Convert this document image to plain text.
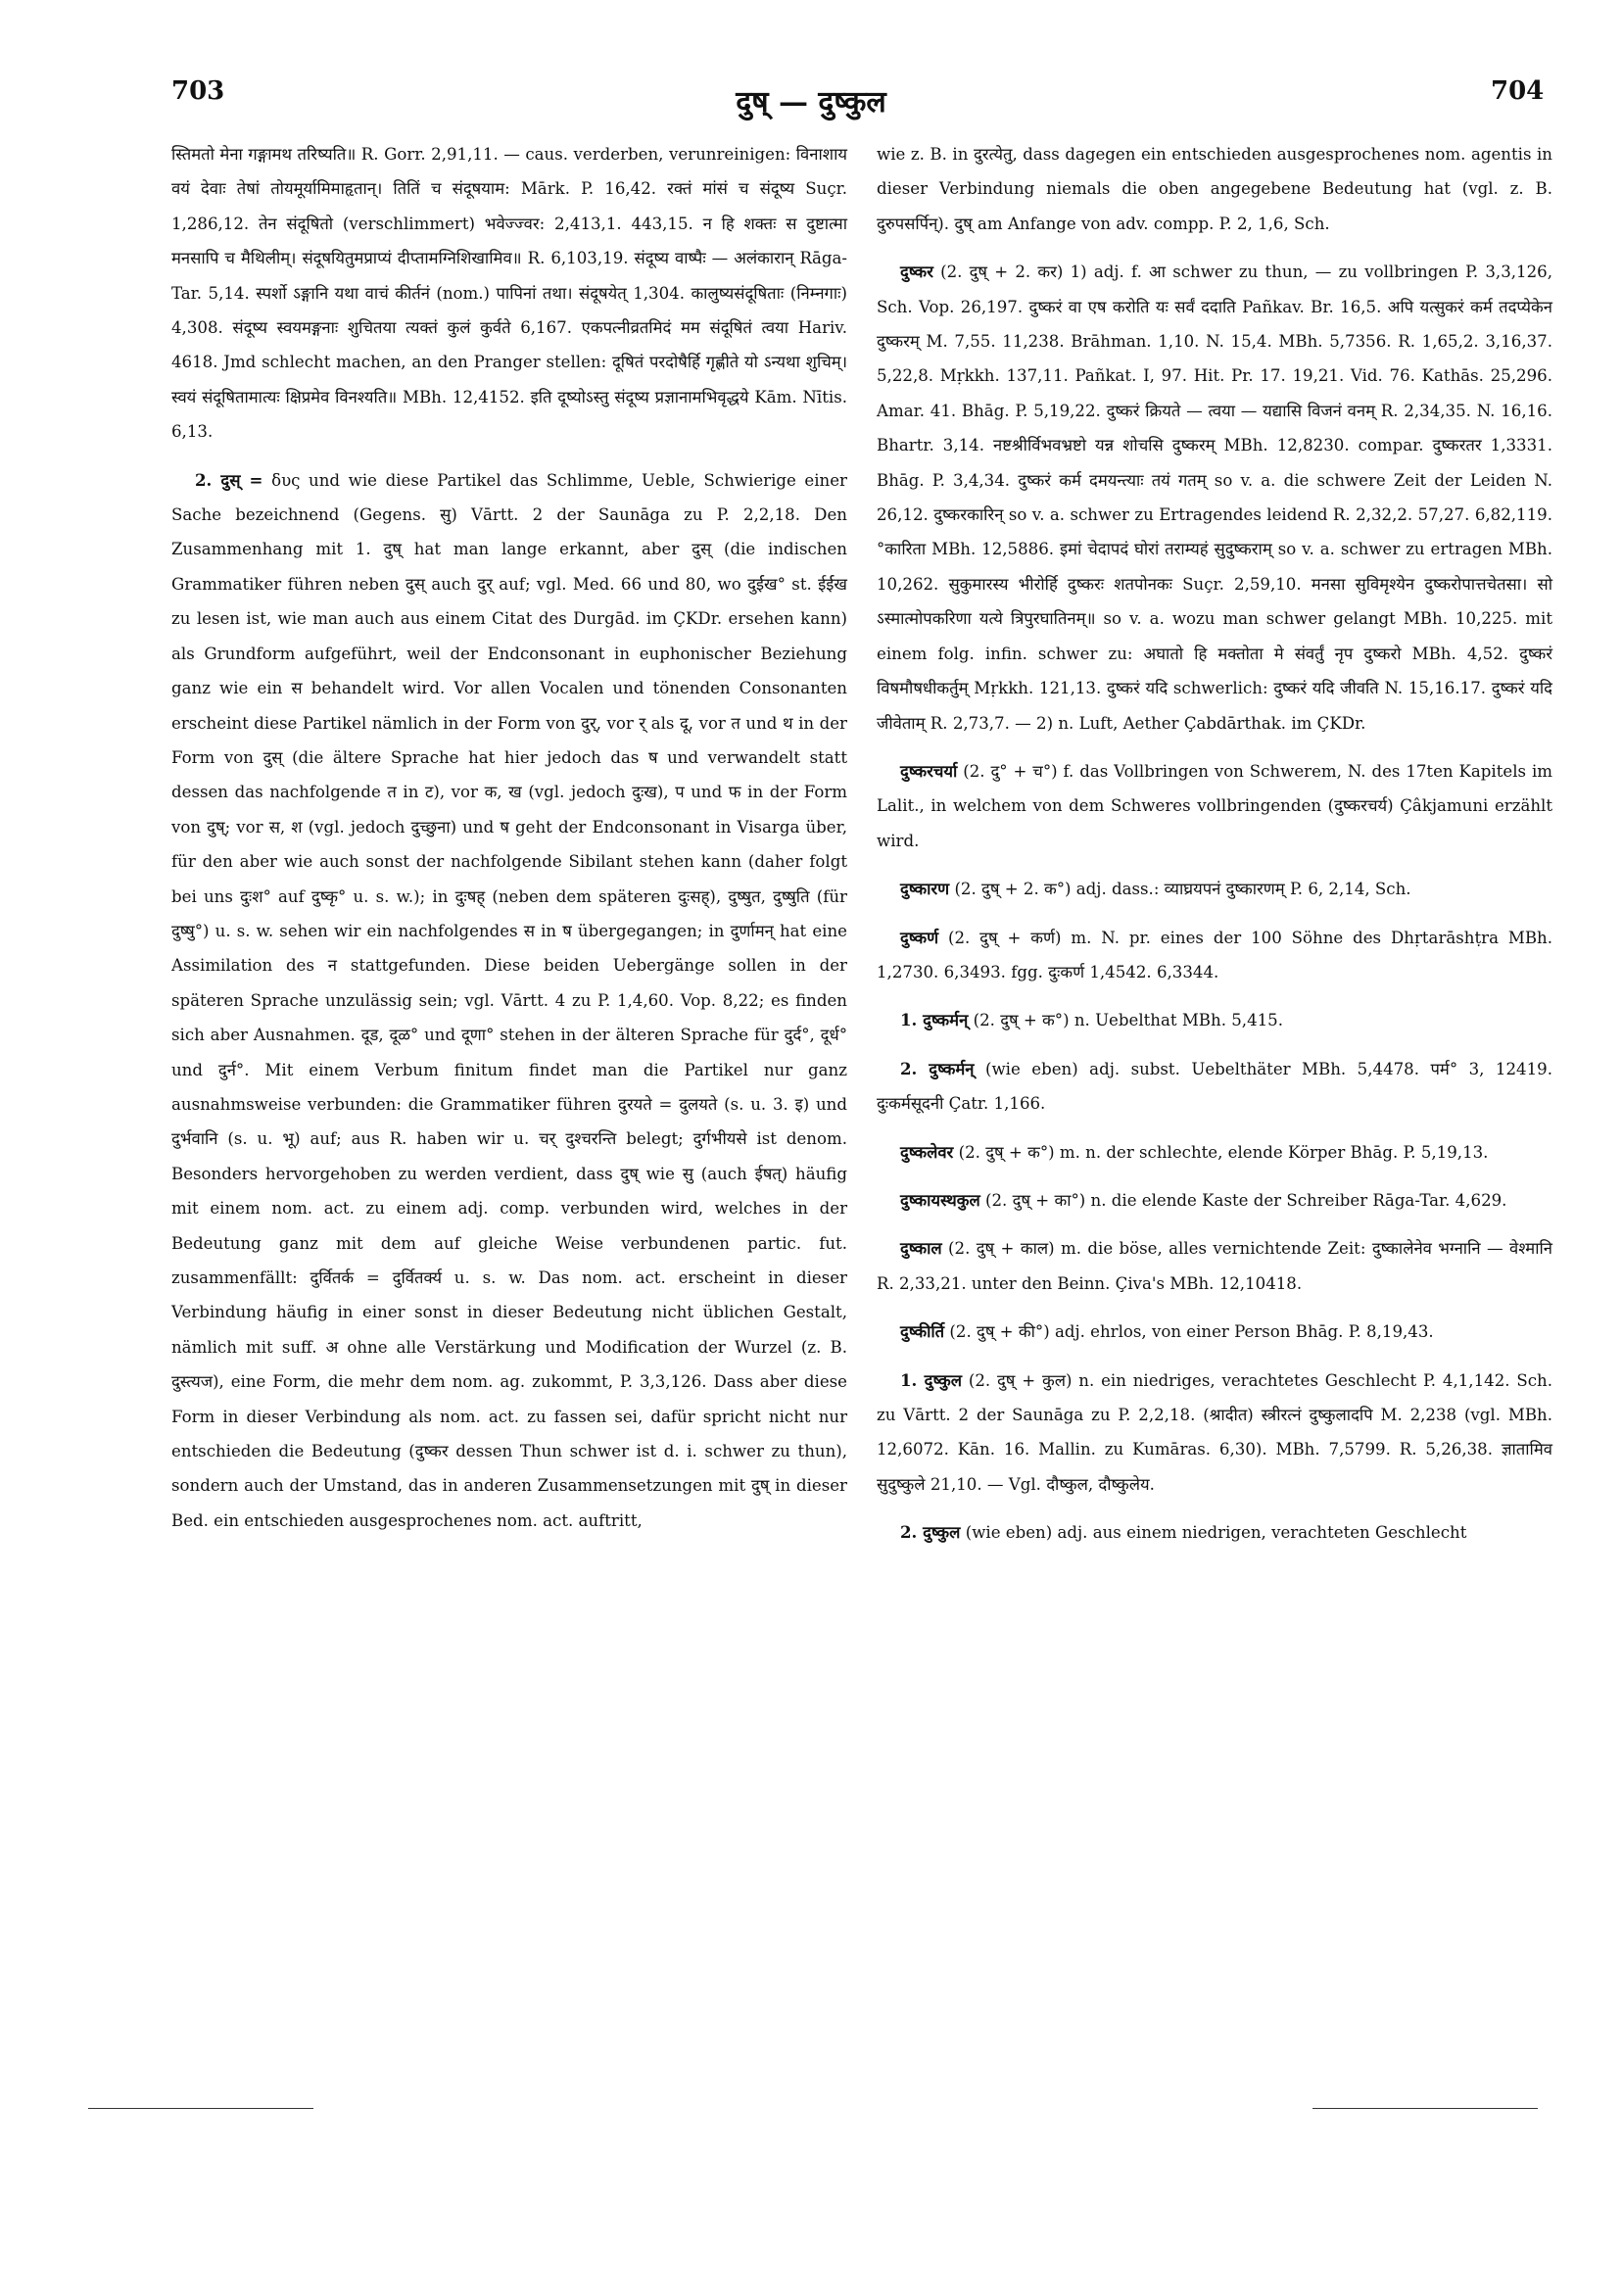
703	दुष् — दुष्कुल	704

स्तिमतो मेना गङ्गामथ तरिष्यति॥ R. Gorr. 2,91,11. — caus. verderben, verunreinigen: विनाशाय वयं देवाः तेषां तोयमूर्यामिमाहृतान्। तितिं च संदूषयाम: Mārk. P. 16,42. रक्तं मांसं च संदूष्य Suçr. 1,286,12. तेन संदूषितो (verschlimmert) भवेज्ज्वर: 2,413,1. 443,15. न हि शक्तः स दुष्टात्मा मनसापि च मैथिलीम्। संदूषयितुमप्राप्यं दीप्तामग्निशिखामिव॥ R. 6,103,19. संदूष्य वाष्पैः — अलंकारान् Rāga-Tar. 5,14. स्पर्शो ऽङ्गानि यथा वाचं कीर्तनं (nom.) पापिनां तथा। संदूषयेत् 1,304. कालुष्यसंदूषिताः (निम्नगाः) 4,308. संदूष्य स्वयमङ्गनाः शुचितया त्यक्तं कुलं कुर्वते 6,167. एकपत्नीव्रतमिदं मम संदूषितं त्वया Hariv. 4618. Jmd schlecht machen, an den Pranger stellen: दूषितं परदोषैर्हि गृह्णीते यो ऽन्यथा शुचिम्। स्वयं संदूषितामात्यः क्षिप्रमेव विनश्यति॥ MBh. 12,4152. इति दूष्योऽस्तु संदूष्य प्रज्ञानामभिवृद्धये Kām. Nītis. 6,13.

2. दुस् = δυς und wie diese Partikel das Schlimme, Ueble, Schwierige einer Sache bezeichnend (Gegens. सु) Vārtt. 2 der Saunāga zu P. 2,2,18. Den Zusammenhang mit 1. दुष् hat man lange erkannt, aber दुस् (die indischen Grammatiker führen neben दुस् auch दुर् auf; vgl. Med. 66 und 80, wo दुर्ईख° st. ईर्ईख zu lesen ist, wie man auch aus einem Citat des Durgād. im ÇKDr. ersehen kann) als Grundform aufgeführt, weil der Endconsonant in euphonischer Beziehung ganz wie ein स behandelt wird. Vor allen Vocalen und tönenden Consonanten erscheint diese Partikel nämlich in der Form von दुर्, vor र् als दू, vor त und थ in der Form von दुस् (die ältere Sprache hat hier jedoch das ष und verwandelt statt dessen das nachfolgende त in ट), vor क, ख (vgl. jedoch दुःख), प und फ in der Form von दुष्; vor स, श (vgl. jedoch दुच्छुना) und ष geht der Endconsonant in Visarga über, für den aber wie auch sonst der nachfolgende Sibilant stehen kann (daher folgt bei uns दुःश° auf दुष्कृ° u. s. w.); in दुःषह् (neben dem späteren दुःसह्), दुष्षुत, दुष्षुति (für दुष्षु°) u. s. w. sehen wir ein nachfolgendes स in ष übergegangen; in दुर्णामन् hat eine Assimilation des न stattgefunden. Diese beiden Uebergänge sollen in der späteren Sprache unzulässig sein; vgl. Vārtt. 4 zu P. 1,4,60. Vop. 8,22; es finden sich aber Ausnahmen. दूड, दूळ° und दूणा° stehen in der älteren Sprache für दुर्द°, दूर्ध° und दुर्न°. Mit einem Verbum finitum findet man die Partikel nur ganz ausnahmsweise verbunden: die Grammatiker führen दुरयते = दुलयते (s. u. 3. इ) und दुर्भवानि (s. u. भू) auf; aus R. haben wir u. चर् दुश्चरन्ति belegt; दुर्गभीयसे ist denom. Besonders hervorgehoben zu werden verdient, dass दुष् wie सु (auch ईषत्) häufig mit einem nom. act. zu einem adj. comp. verbunden wird, welches in der Bedeutung ganz mit dem auf gleiche Weise verbundenen partic. fut. zusammenfällt: दुर्वितर्क = दुर्वितर्क्य u. s. w. Das nom. act. erscheint in dieser Verbindung häufig in einer sonst in dieser Bedeutung nicht üblichen Gestalt, nämlich mit suff. अ ohne alle Verstärkung und Modification der Wurzel (z. B. दुस्त्यज), eine Form, die mehr dem nom. ag. zukommt, P. 3,3,126. Dass aber diese Form in dieser Verbindung als nom. act. zu fassen sei, dafür spricht nicht nur entschieden die Bedeutung (दुष्कर dessen Thun schwer ist d. i. schwer zu thun), sondern auch der Umstand, das in anderen Zusammensetzungen mit दुष् in dieser Bed. ein entschieden ausgesprochenes nom. act. auftritt,

wie z. B. in दुरत्येतु, dass dagegen ein entschieden ausgesprochenes nom. agentis in dieser Verbindung niemals die oben angegebene Bedeutung hat (vgl. z. B. दुरुपसर्पिन्). दुष् am Anfange von adv. compp. P. 2, 1,6, Sch.

दुष्कर (2. दुष् + 2. कर) 1) adj. f. आ schwer zu thun, — zu vollbringen P. 3,3,126, Sch. Vop. 26,197. दुष्करं वा एष करोति यः सर्वं ददाति Pañkav. Br. 16,5. अपि यत्सुकरं कर्म तदप्येकेन दुष्करम् M. 7,55. 11,238. Brāhman. 1,10. N. 15,4. MBh. 5,7356. R. 1,65,2. 3,16,37. 5,22,8. Mṛkkh. 137,11. Pañkat. I, 97. Hit. Pr. 17. 19,21. Vid. 76. Kathās. 25,296. Amar. 41. Bhāg. P. 5,19,22. दुष्करं क्रियते — त्वया — यद्यासि विजनं वनम् R. 2,34,35. N. 16,16. Bhartr. 3,14. नष्टश्रीर्विभवभ्रष्टो यन्न शोचसि दुष्करम् MBh. 12,8230. compar. दुष्करतर 1,3331. Bhāg. P. 3,4,34. दुष्करं कर्म दमयन्त्याः तयं गतम् so v. a. die schwere Zeit der Leiden N. 26,12. दुष्करकारिन् so v. a. schwer zu Ertragendes leidend R. 2,32,2. 57,27. 6,82,119. °कारिता MBh. 12,5886. इमां चेदापदं घोरां तराम्यहं सुदुष्कराम् so v. a. schwer zu ertragen MBh. 10,262. सुकुमारस्य भीरोर्हि दुष्करः शतपोनकः Suçr. 2,59,10. मनसा सुविमृश्येन दुष्करोपात्तचेतसा। सो ऽस्मात्मोपकरिणा यत्ये त्रिपुरघातिनम्॥ so v. a. wozu man schwer gelangt MBh. 10,225. mit einem folg. infin. schwer zu: अघातो हि मक्तोता मे संवर्तुं नृप दुष्करो MBh. 4,52. दुष्करं विषमौषधीकर्तुम् Mṛkkh. 121,13. दुष्करं यदि schwerlich: दुष्करं यदि जीवति N. 15,16.17. दुष्करं यदि जीवेताम् R. 2,73,7. — 2) n. Luft, Aether Çabdārthak. im ÇKDr.

दुष्करचर्या (2. दु° + च°) f. das Vollbringen von Schwerem, N. des 17ten Kapitels im Lalit., in welchem von dem Schweres vollbringenden (दुष्करचर्य) Çâkjamuni erzählt wird.

दुष्कारण (2. दुष् + 2. क°) adj. dass.: व्याघ्रयपनं दुष्कारणम् P. 6, 2,14, Sch.

दुष्कर्ण (2. दुष् + कर्ण) m. N. pr. eines der 100 Söhne des Dhṛtarāshṭra MBh. 1,2730. 6,3493. fgg. दुःकर्ण 1,4542. 6,3344.

1. दुष्कर्मन् (2. दुष् + क°) n. Uebelthat MBh. 5,415.

2. दुष्कर्मन् (wie eben) adj. subst. Uebelthäter MBh. 5,4478. पर्म° 3, 12419. दुःकर्मसूदनी Çatr. 1,166.

दुष्कलेवर (2. दुष् + क°) m. n. der schlechte, elende Körper Bhāg. P. 5,19,13.

दुष्कायस्थकुल (2. दुष् + का°) n. die elende Kaste der Schreiber Rāga-Tar. 4,629.

दुष्काल (2. दुष् + काल) m. die böse, alles vernichtende Zeit: दुष्कालेनेव भग्नानि — वेश्मानि R. 2,33,21. unter den Beinn. Çiva's MBh. 12,10418.

दुष्कीर्ति (2. दुष् + की°) adj. ehrlos, von einer Person Bhāg. P. 8,19,43.

1. दुष्कुल (2. दुष् + कुल) n. ein niedriges, verachtetes Geschlecht P. 4,1,142. Sch. zu Vārtt. 2 der Saunāga zu P. 2,2,18. (श्रादीत) स्त्रीरत्नं दुष्कुलादपि M. 2,238 (vgl. MBh. 12,6072. Kān. 16. Mallin. zu Kumāras. 6,30). MBh. 7,5799. R. 5,26,38. ज्ञातामिव सुदुष्कुले 21,10. — Vgl. दौष्कुल, दौष्कुलेय.

2. दुष्कुल (wie eben) adj. aus einem niedrigen, verachteten Geschlecht
